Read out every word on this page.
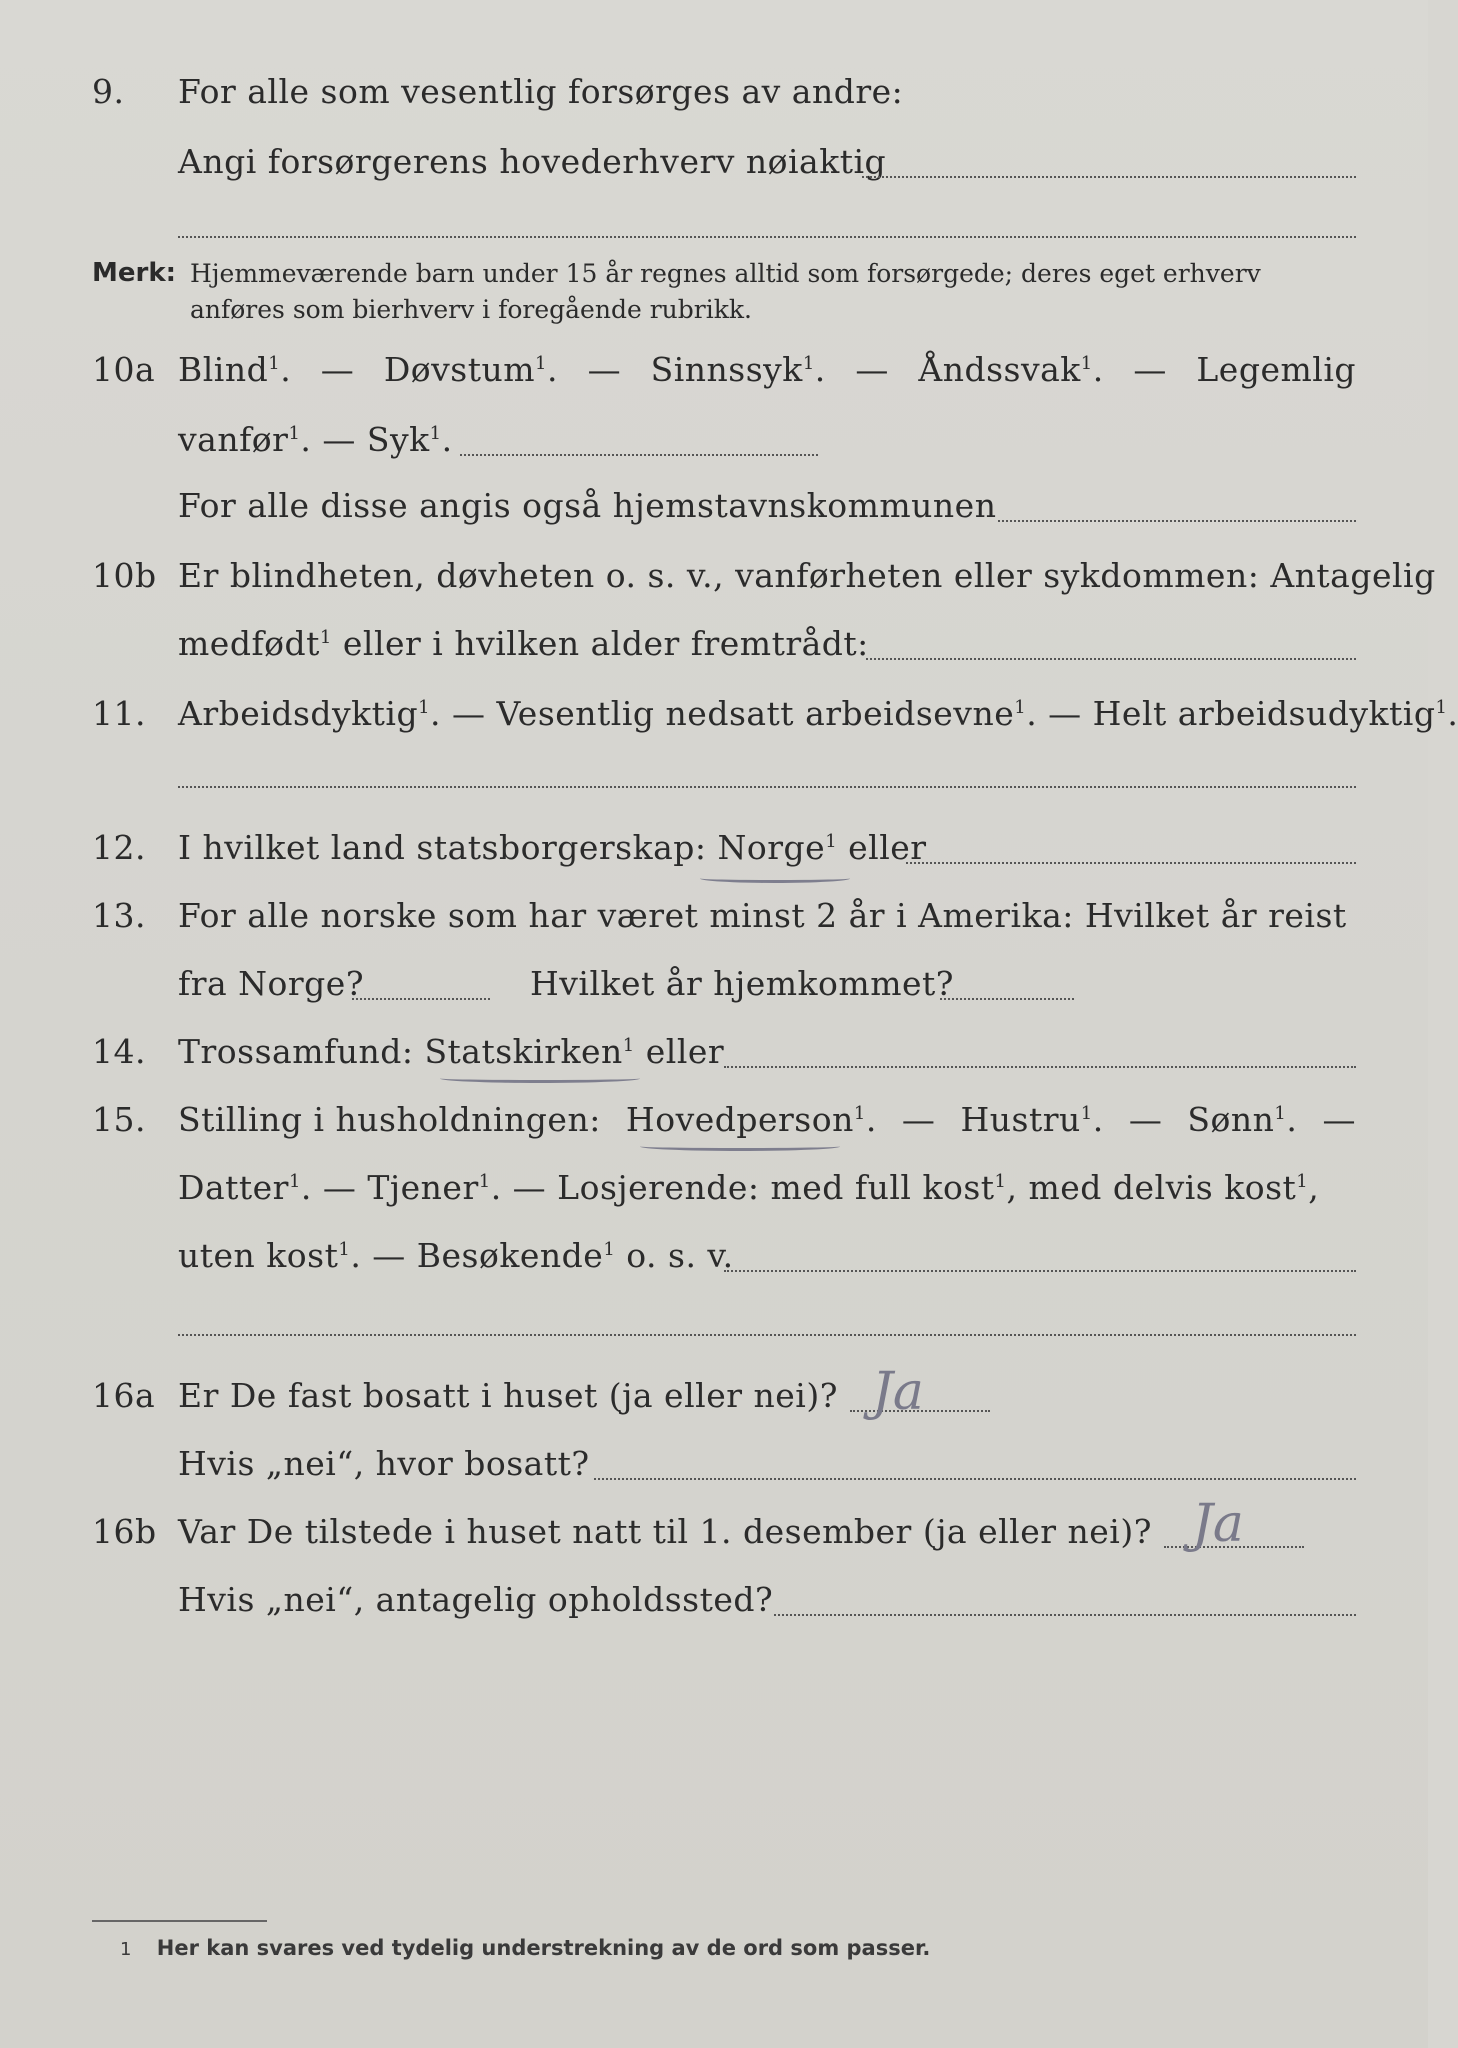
9. For alle som vesentlig forsørges av andre:
Angi forsørgerens hovederhverv nøiaktig
Merk: Hjemmeværende barn under 15 år regnes alltid som forsørgede; deres eget erhverv anføres som bierhverv i foregående rubrikk.
10a Blind$^1$. — Døvstum$^1$. — Sinnssyk$^1$. — Åndssvak$^1$. — Legemlig
vanfør$^1$. — Syk$^1$.
For alle disse angis også hjemstavnskommunen
10b Er blindheten, døvheten o. s. v., vanførheten eller sykdommen: Antagelig
medfødt$^1$ eller i hvilken alder fremtrådt:
11. Arbeidsdyktig$^1$. — Vesentlig nedsatt arbeidsevne$^1$. — Helt arbeidsudyktig$^1$.
12. I hvilket land statsborgerskap: Norge$^1$ eller
13. For alle norske som har været minst 2 år i Amerika: Hvilket år reist
fra Norge?	Hvilket år hjemkommet?
14. Trossamfund: Statskirken$^1$ eller
15. Stilling i husholdningen: Hovedperson$^1$. — Hustru$^1$. — Sønn$^1$. —
Datter$^1$. — Tjener$^1$. — Losjerende: med full kost$^1$, med delvis kost$^1$,
uten kost$^1$. — Besøkende$^1$ o. s. v.
16a Er De fast bosatt i huset (ja eller nei)? Ja
Hvis „nei“, hvor bosatt?
16b Var De tilstede i huset natt til 1. desember (ja eller nei)? Ja
Hvis „nei“, antagelig opholdssted?
1 Her kan svares ved tydelig understrekning av de ord som passer.
